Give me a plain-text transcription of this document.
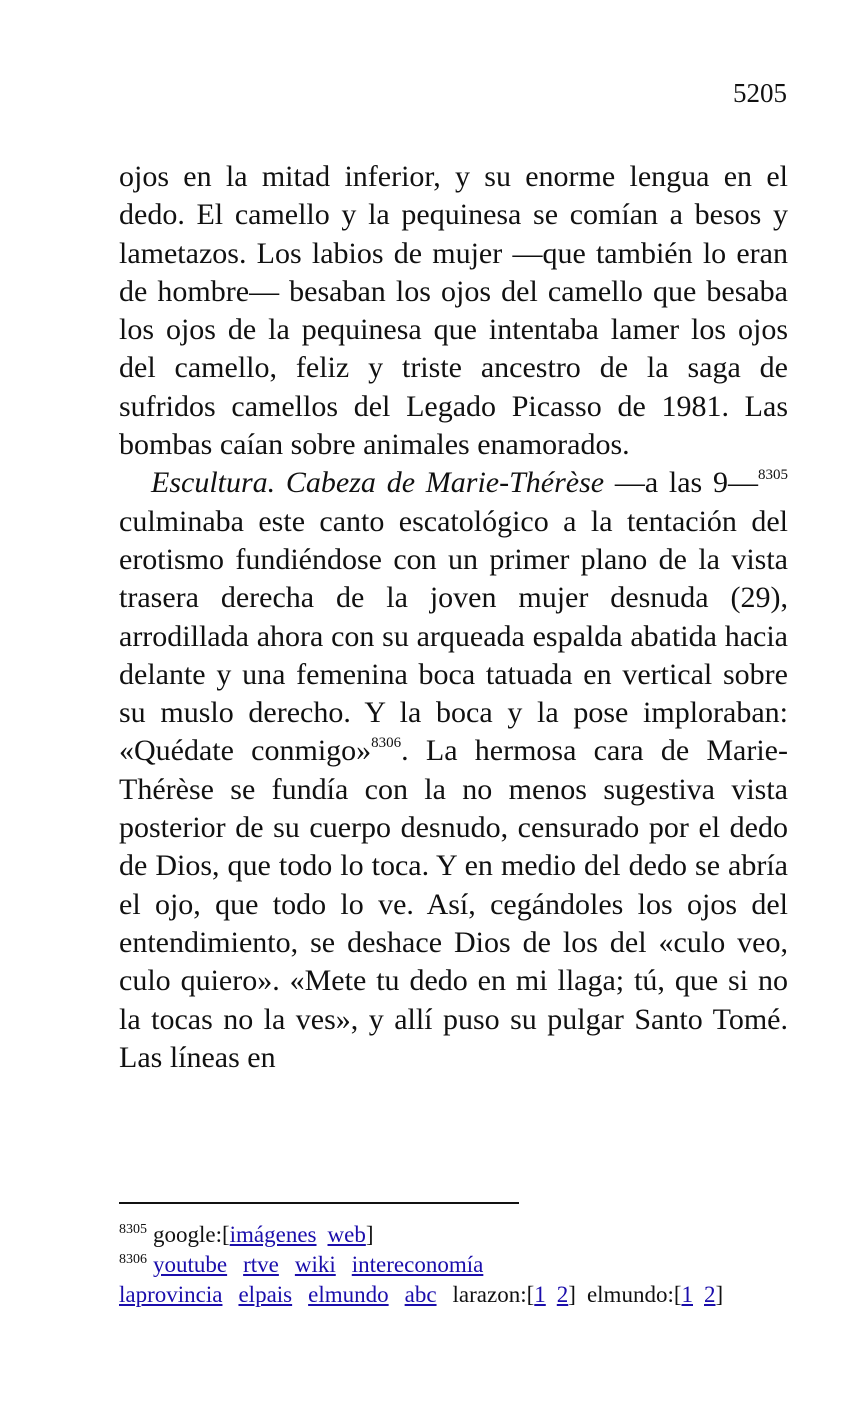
5205

ojos en la mitad inferior, y su enorme lengua en el dedo. El camello y la pequinesa se comían a besos y lametazos. Los labios de mujer —que también lo eran de hombre— besaban los ojos del camello que besaba los ojos de la pequinesa que intentaba lamer los ojos del camello, feliz y triste ancestro de la saga de sufridos camellos del Legado Picasso de 1981. Las bombas caían sobre animales enamorados.

Escultura. Cabeza de Marie-Thérèse —a las 9—$^{8305}$ culminaba este canto escatológico a la tentación del erotismo fundiéndose con un primer plano de la vista trasera derecha de la joven mujer desnuda (29), arrodillada ahora con su arqueada espalda abatida hacia delante y una femenina boca tatuada en vertical sobre su muslo derecho. Y la boca y la pose imploraban: «Quédate conmigo»$^{8306}$. La hermosa cara de Marie-Thérèse se fundía con la no menos sugestiva vista posterior de su cuerpo desnudo, censurado por el dedo de Dios, que todo lo toca. Y en medio del dedo se abría el ojo, que todo lo ve. Así, cegándoles los ojos del entendimiento, se deshace Dios de los del «culo veo, culo quiero». «Mete tu dedo en mi llaga; tú, que si no la tocas no la ves», y allí puso su pulgar Santo Tomé. Las líneas en

$^{8305}$ google:[imágenes web]
$^{8306}$ youtube rtve wiki intereconomía
laprovincia elpais elmundo abc larazon:[1 2] elmundo:[1 2]
